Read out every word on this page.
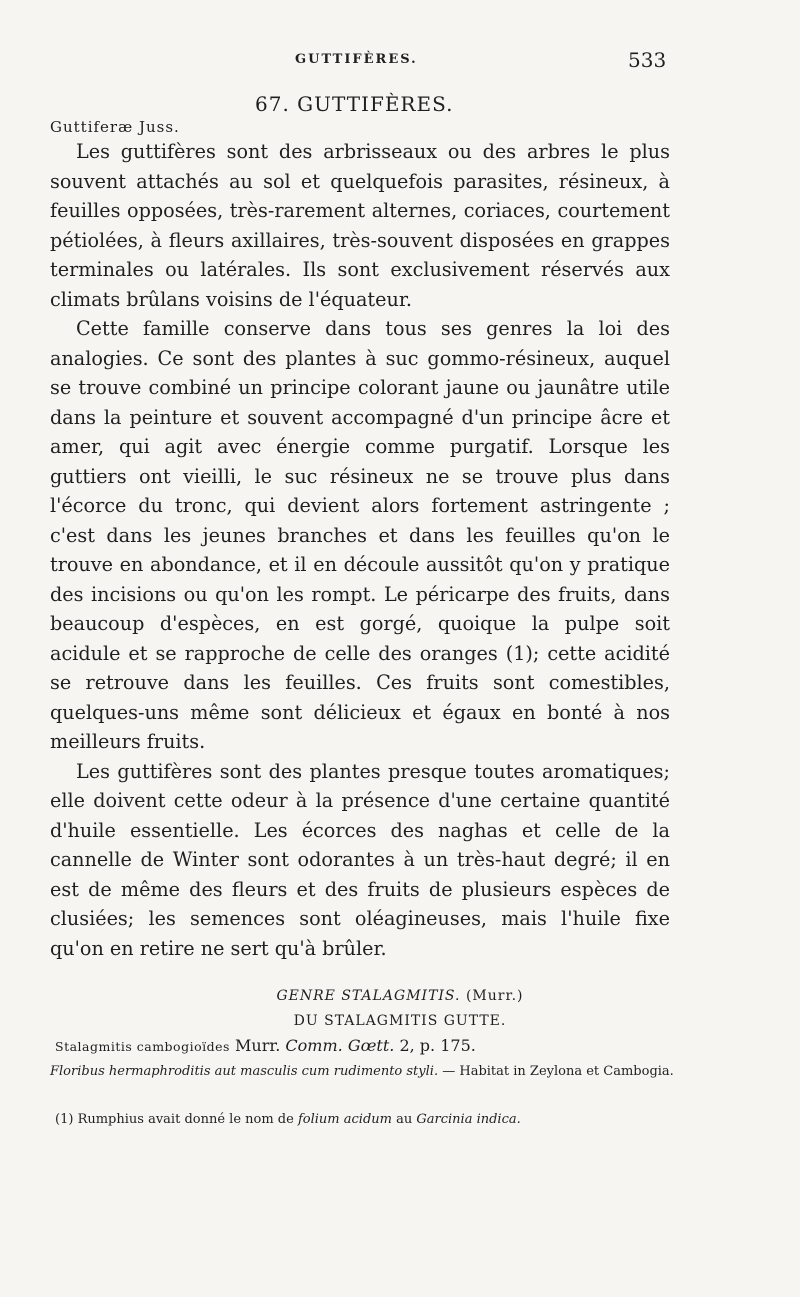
GUTTIFÈRES.	533
67. GUTTIFÈRES.
Guttiferæ Juss.

Les guttifères sont des arbrisseaux ou des arbres le plus souvent attachés au sol et quelquefois parasites, résineux, à feuilles opposées, très-rarement alternes, coriaces, courtement pétiolées, à fleurs axillaires, très-souvent disposées en grappes terminales ou latérales. Ils sont exclusivement réservés aux climats brûlans voisins de l'équateur.

Cette famille conserve dans tous ses genres la loi des analogies. Ce sont des plantes à suc gommo-résineux, auquel se trouve combiné un principe colorant jaune ou jaunâtre utile dans la peinture et souvent accompagné d'un principe âcre et amer, qui agit avec énergie comme purgatif. Lorsque les guttiers ont vieilli, le suc résineux ne se trouve plus dans l'écorce du tronc, qui devient alors fortement astringente ; c'est dans les jeunes branches et dans les feuilles qu'on le trouve en abondance, et il en découle aussitôt qu'on y pratique des incisions ou qu'on les rompt. Le péricarpe des fruits, dans beaucoup d'espèces, en est gorgé, quoique la pulpe soit acidule et se rapproche de celle des oranges (1); cette acidité se retrouve dans les feuilles. Ces fruits sont comestibles, quelques-uns même sont délicieux et égaux en bonté à nos meilleurs fruits.

Les guttifères sont des plantes presque toutes aromatiques; elle doivent cette odeur à la présence d'une certaine quantité d'huile essentielle. Les écorces des naghas et celle de la cannelle de Winter sont odorantes à un très-haut degré; il en est de même des fleurs et des fruits de plusieurs espèces de clusiées; les semences sont oléagineuses, mais l'huile fixe qu'on en retire ne sert qu'à brûler.

GENRE STALAGMITIS. (Murr.)
DU STALAGMITIS GUTTE.
Stalagmitis cambogioïdes Murr. Comm. Gœtt. 2, p. 175.
Floribus hermaphroditis aut masculis cum rudimento styli. — Habitat in Zeylona et Cambogia.
(1) Rumphius avait donné le nom de folium acidum au Garcinia indica.
